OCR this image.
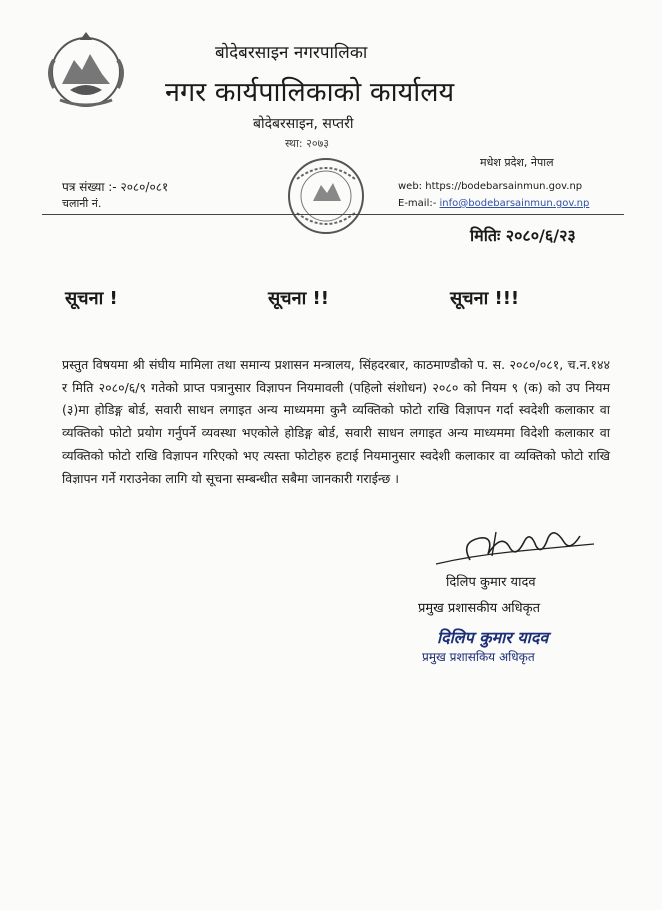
बोदेबरसाइन नगरपालिका
नगर कार्यपालिकाको कार्यालय
बोदेबरसाइन, सप्तरी
स्था: २०७३
मधेश प्रदेश, नेपाल
web: https://bodebarsainmun.gov.np
E-mail:- info@bodebarsainmun.gov.np
पत्र संख्या :- २०८०/०८१
चलानी नं.
मितिः २०८०/६/२३
सूचना !	सूचना !!	सूचना !!!

प्रस्तुत विषयमा श्री संघीय मामिला तथा समान्य प्रशासन मन्त्रालय, सिंहदरबार, काठमाण्डौको प. स. २०८०/०८१, च.न.१४४ र मिति २०८०/६/९ गतेको प्राप्त पत्रानुसार विज्ञापन नियमावली (पहिलो संशोधन) २०८० को नियम ९ (क) को उप नियम (३)मा होडिङ्ग बोर्ड, सवारी साधन लगाइत अन्य माध्यममा कुनै व्यक्तिको फोटो राखि विज्ञापन गर्दा स्वदेशी कलाकार वा व्यक्तिको फोटो प्रयोग गर्नुपर्ने व्यवस्था भएकोले होडिङ्ग बोर्ड, सवारी साधन लगाइत अन्य माध्यममा विदेशी कलाकार वा व्यक्तिको फोटो राखि विज्ञापन गरिएको भए त्यस्ता फोटोहरु हटाई नियमानुसार स्वदेशी कलाकार वा व्यक्तिको फोटो राखि विज्ञापन गर्ने गराउनेका लागि यो सूचना सम्बन्धीत सबैमा जानकारी गराईन्छ ।

दिलिप कुमार यादव
प्रमुख प्रशासकीय अधिकृत
दिलिप कुमार यादव
प्रमुख प्रशासकिय अधिकृत
